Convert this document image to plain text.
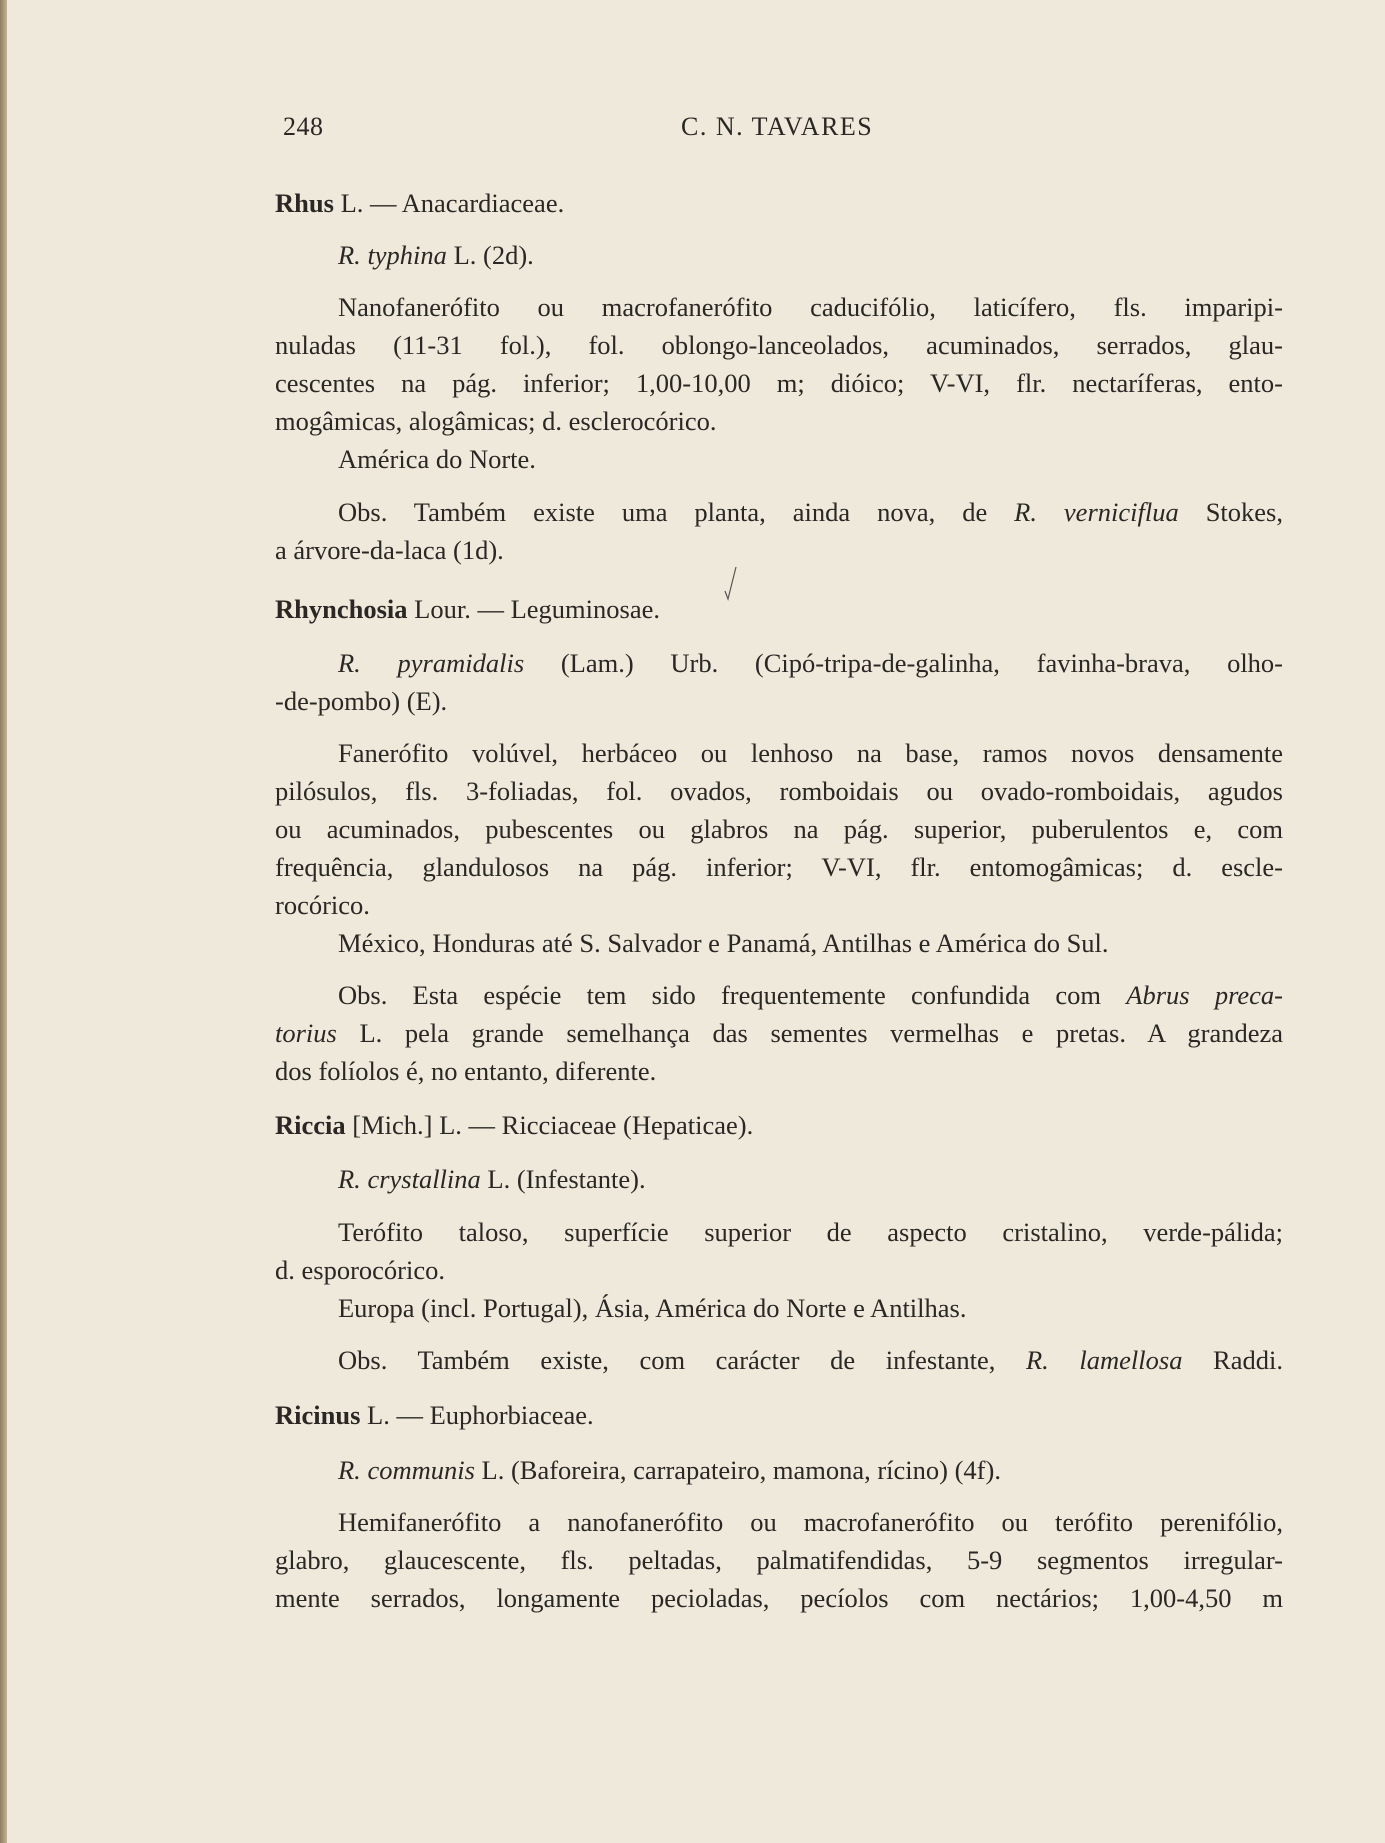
248	C. N. TAVARES
Rhus L. — Anacardiaceae.
R. typhina L. (2d).
Nanofanerófito ou macrofanerófito caducifólio, laticífero, fls. imparipi-
nuladas (11-31 fol.), fol. oblongo-lanceolados, acuminados, serrados, glau-
cescentes na pág. inferior; 1,00-10,00 m; dióico; V-VI, flr. nectaríferas, ento-
mogâmicas, alogâmicas; d. esclerocórico.
América do Norte.
Obs. Também existe uma planta, ainda nova, de R. verniciflua Stokes,
a árvore-da-laca (1d).
Rhynchosia Lour. — Leguminosae.
R. pyramidalis (Lam.) Urb. (Cipó-tripa-de-galinha, favinha-brava, olho-
-de-pombo) (E).
Fanerófito volúvel, herbáceo ou lenhoso na base, ramos novos densamente
pilósulos, fls. 3-foliadas, fol. ovados, romboidais ou ovado-romboidais, agudos
ou acuminados, pubescentes ou glabros na pág. superior, puberulentos e, com
frequência, glandulosos na pág. inferior; V-VI, flr. entomogâmicas; d. escle-
rocórico.
México, Honduras até S. Salvador e Panamá, Antilhas e América do Sul.
Obs. Esta espécie tem sido frequentemente confundida com Abrus preca-
torius L. pela grande semelhança das sementes vermelhas e pretas. A grandeza
dos folíolos é, no entanto, diferente.
Riccia [Mich.] L. — Ricciaceae (Hepaticae).
R. crystallina L. (Infestante).
Terófito taloso, superfície superior de aspecto cristalino, verde-pálida;
d. esporocórico.
Europa (incl. Portugal), Ásia, América do Norte e Antilhas.
Obs. Também existe, com carácter de infestante, R. lamellosa Raddi.
Ricinus L. — Euphorbiaceae.
R. communis L. (Baforeira, carrapateiro, mamona, rícino) (4f).
Hemifanerófito a nanofanerófito ou macrofanerófito ou terófito perenifólio,
glabro, glaucescente, fls. peltadas, palmatifendidas, 5-9 segmentos irregular-
mente serrados, longamente pecioladas, pecíolos com nectários; 1,00-4,50 m
